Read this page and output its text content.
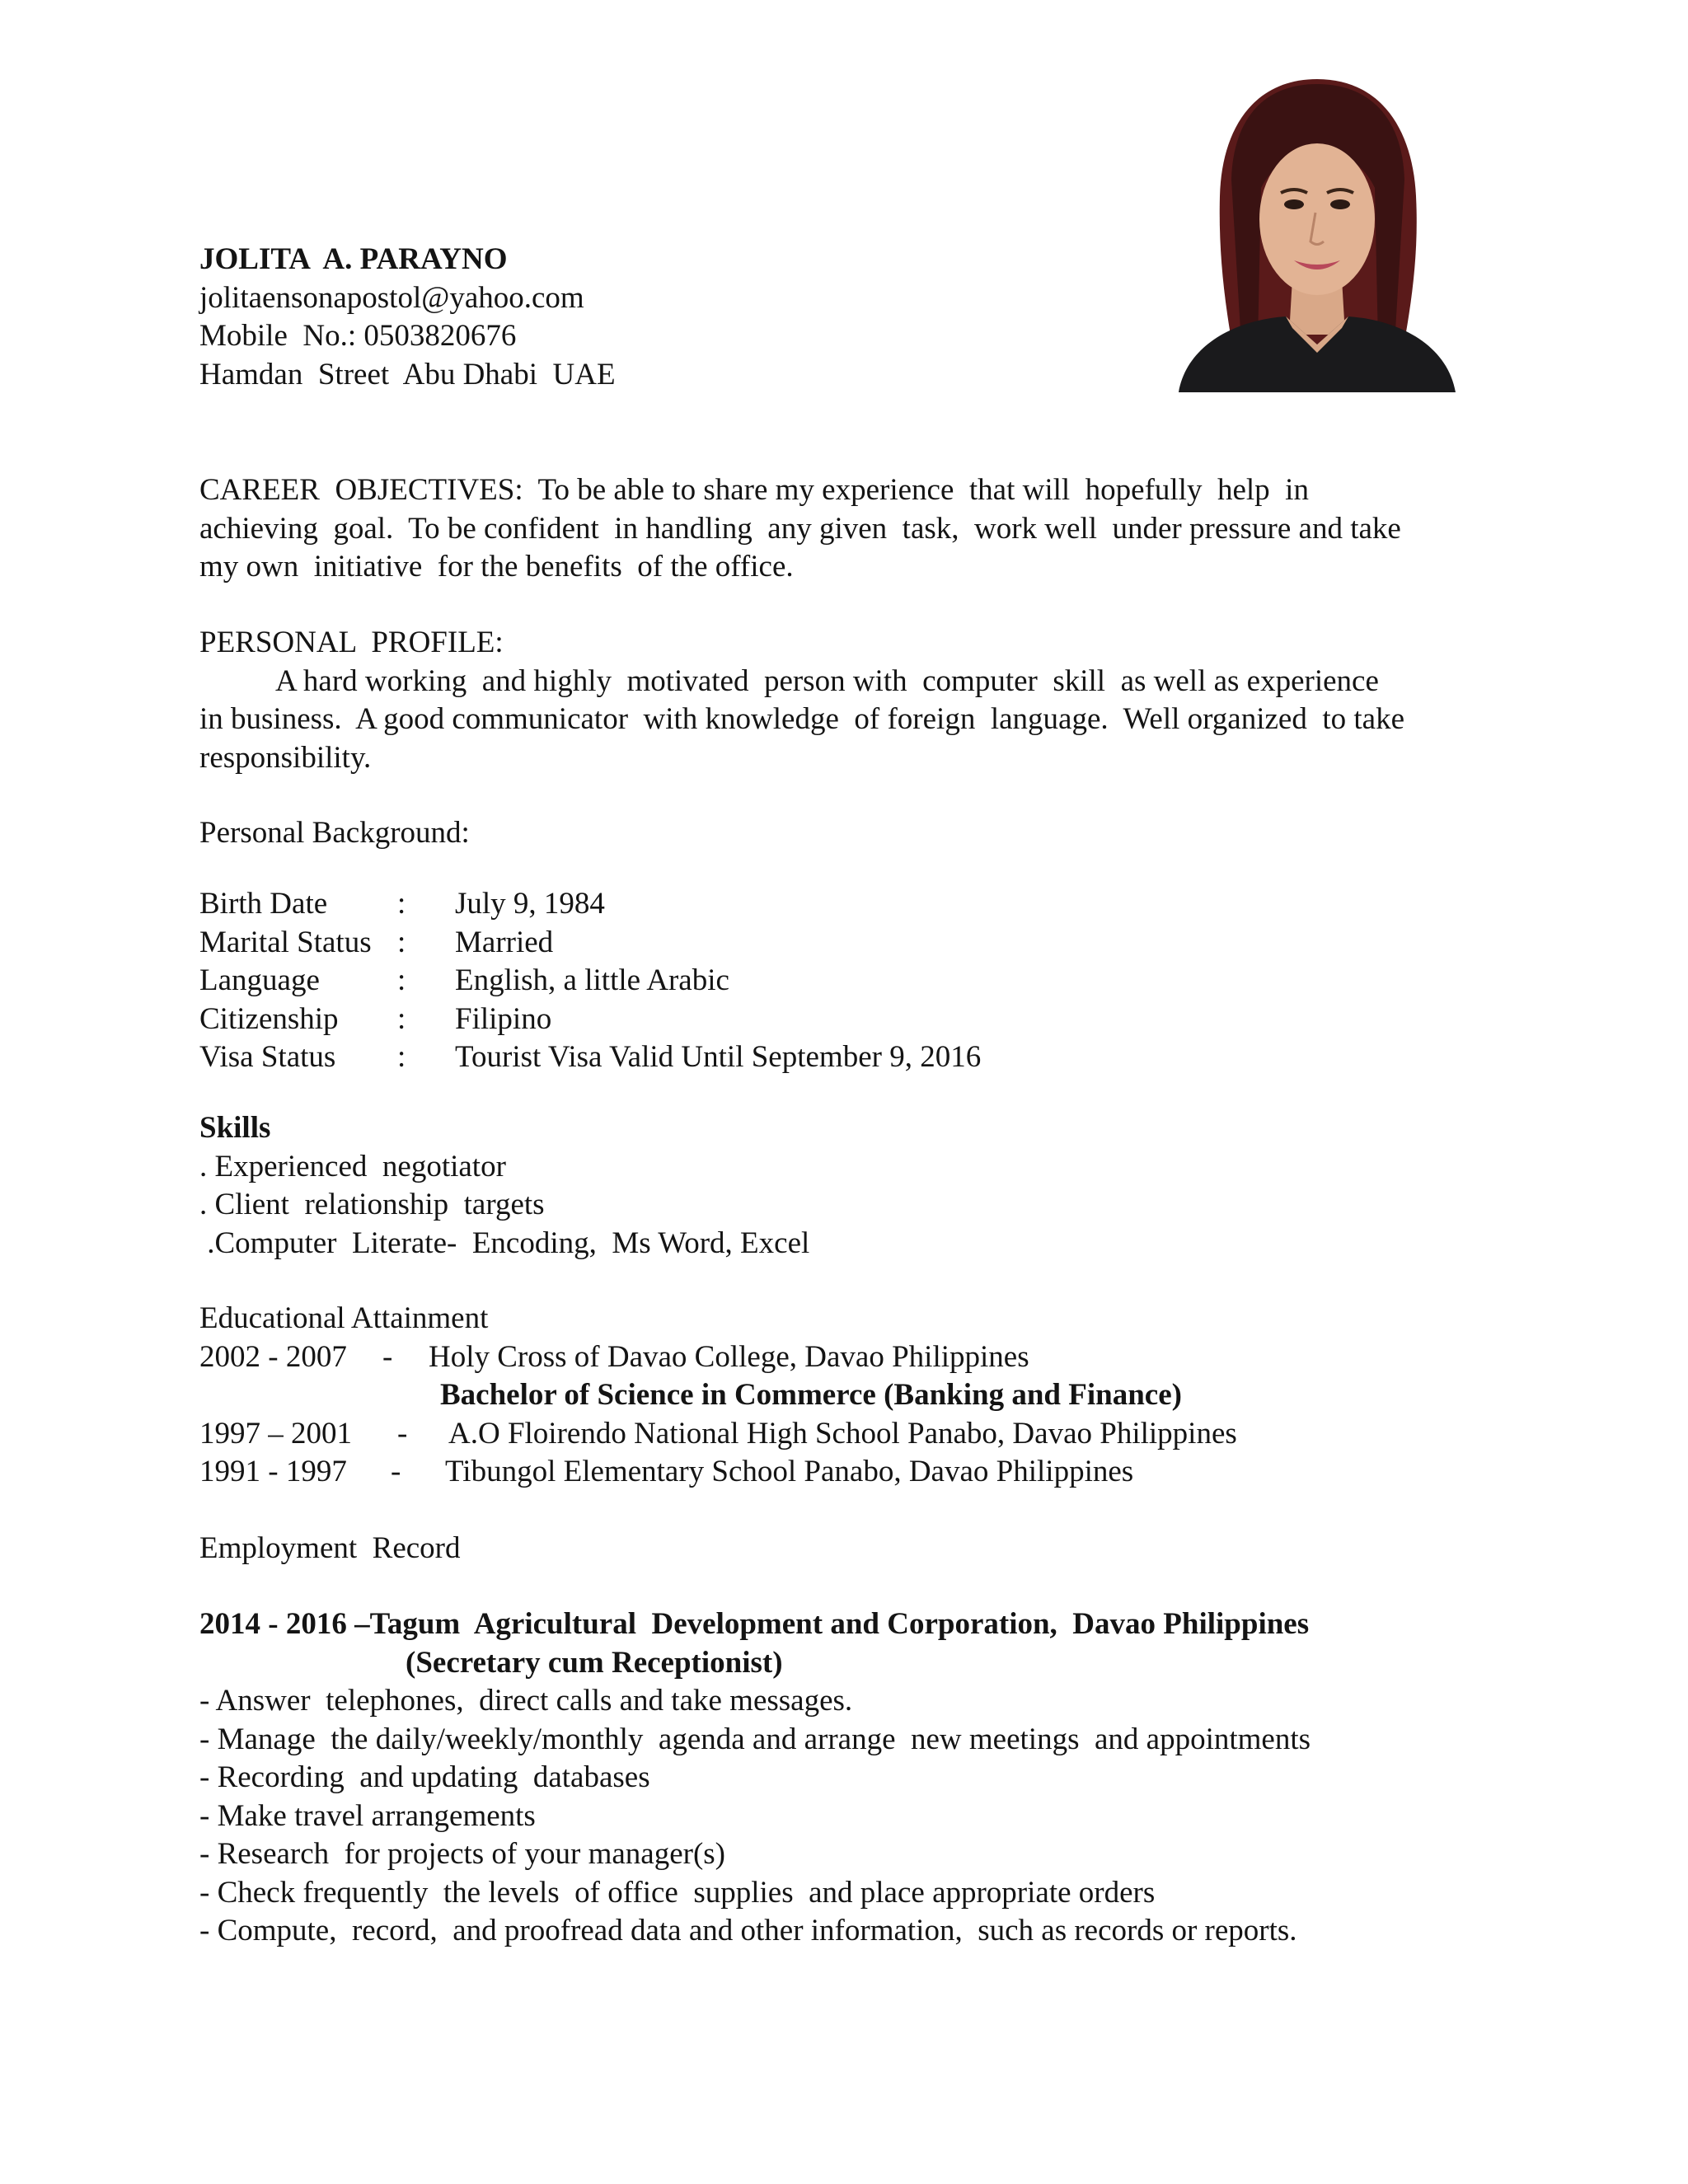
JOLITA  A. PARAYNO
jolitaensonapostol@yahoo.com
Mobile  No.: 0503820676
Hamdan  Street  Abu Dhabi  UAE
CAREER  OBJECTIVES:  To be able to share my experience  that will  hopefully  help  in
achieving  goal.  To be confident  in handling  any given  task,  work well  under pressure and take
my own  initiative  for the benefits  of the office.
PERSONAL  PROFILE:
A hard working  and highly  motivated  person with  computer  skill  as well as experience
in business.  A good communicator  with knowledge  of foreign  language.  Well organized  to take
responsibility.
Personal Background:
Birth Date : July 9, 1984
Marital Status : Married
Language	: English, a little Arabic
Citizenship : Filipino
Visa Status : Tourist Visa Valid Until September 9, 2016
Skills
. Experienced  negotiator
. Client  relationship  targets
.Computer  Literate-  Encoding,  Ms Word, Excel
Educational Attainment
2002 - 2007 - Holy Cross of Davao College, Davao Philippines
Bachelor of Science in Commerce (Banking and Finance)
1997 – 2001 - A.O Floirendo National High School Panabo, Davao Philippines
1991 - 1997 - Tibungol Elementary School Panabo, Davao Philippines
Employment  Record
2014 - 2016 –Tagum  Agricultural  Development and Corporation,  Davao Philippines
(Secretary cum Receptionist)
- Answer  telephones,  direct calls and take messages.
- Manage  the daily/weekly/monthly  agenda and arrange  new meetings  and appointments
- Recording  and updating  databases
- Make travel arrangements
- Research  for projects of your manager(s)
- Check frequently  the levels  of office  supplies  and place appropriate orders
- Compute,  record,  and proofread data and other information,  such as records or reports.
